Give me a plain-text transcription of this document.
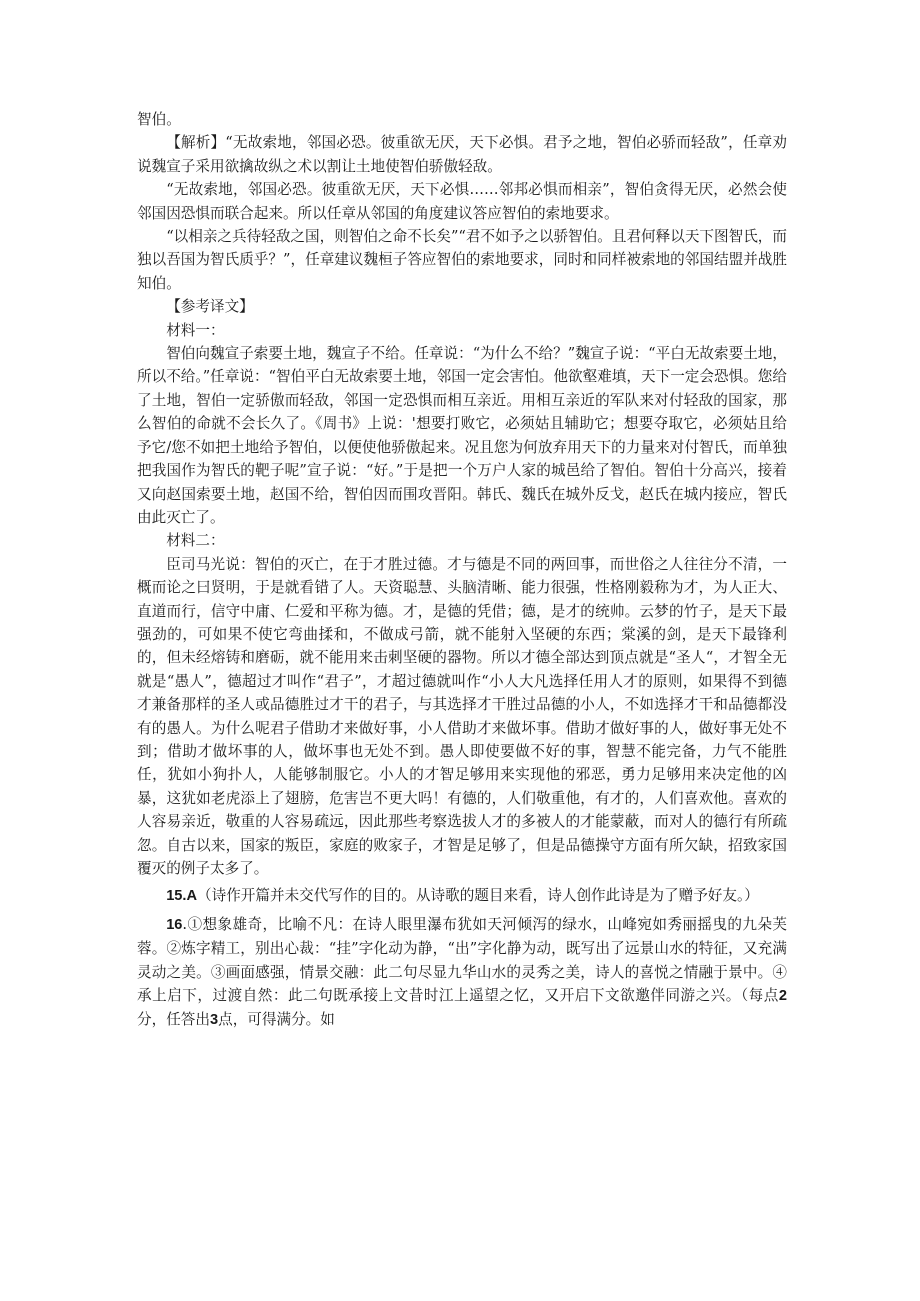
智伯。

【解析】“无故索地，邻国必恐。彼重欲无厌，天下必惧。君予之地，智伯必骄而轻敌”，任章劝说魏宣子采用欲擒故纵之术以割让土地使智伯骄傲轻敌。

“无故索地，邻国必恐。彼重欲无厌，天下必惧……邻邦必惧而相亲”，智伯贪得无厌，必然会使邻国因恐惧而联合起来。所以任章从邻国的角度建议答应智伯的索地要求。

“以相亲之兵待轻敌之国，则智伯之命不长矣”“君不如予之以骄智伯。且君何释以天下图智氏，而独以吾国为智氏质乎？”，任章建议魏桓子答应智伯的索地要求，同时和同样被索地的邻国结盟并战胜知伯。

【参考译文】

材料一：

智伯向魏宣子索要土地，魏宣子不给。任章说：“为什么不给？”魏宣子说：“平白无故索要土地，所以不给。”任章说：“智伯平白无故索要土地，邻国一定会害怕。他欲壑难填，天下一定会恐惧。您给了土地，智伯一定骄傲而轻敌，邻国一定恐惧而相互亲近。用相互亲近的军队来对付轻敌的国家，那么智伯的命就不会长久了。《周书》上说：'想要打败它，必须姑且辅助它；想要夺取它，必须姑且给予它/您不如把土地给予智伯，以便使他骄傲起来。况且您为何放弃用天下的力量来对付智氏，而单独把我国作为智氏的靶子呢”宣子说：“好。”于是把一个万户人家的城邑给了智伯。智伯十分高兴，接着又向赵国索要土地，赵国不给，智伯因而围攻晋阳。韩氏、魏氏在城外反戈，赵氏在城内接应，智氏由此灭亡了。

材料二：

臣司马光说：智伯的灭亡，在于才胜过德。才与德是不同的两回事，而世俗之人往往分不清，一概而论之曰贤明，于是就看错了人。天资聪慧、头脑清晰、能力很强，性格刚毅称为才，为人正大、直道而行，信守中庸、仁爱和平称为德。才，是德的凭借；德，是才的统帅。云梦的竹子，是天下最强劲的，可如果不使它弯曲揉和，不做成弓箭，就不能射入坚硬的东西；棠溪的剑，是天下最锋利的，但未经熔铸和磨砺，就不能用来击刺坚硬的器物。所以才德全部达到顶点就是“圣人“，才智全无就是“愚人”，德超过才叫作“君子”，才超过德就叫作“小人大凡选择任用人才的原则，如果得不到德才兼备那样的圣人或品德胜过才干的君子，与其选择才干胜过品德的小人，不如选择才干和品德都没有的愚人。为什么呢君子借助才来做好事，小人借助才来做坏事。借助才做好事的人，做好事无处不到；借助才做坏事的人，做坏事也无处不到。愚人即使要做不好的事，智慧不能完备，力气不能胜任，犹如小狗扑人，人能够制服它。小人的才智足够用来实现他的邪恶，勇力足够用来决定他的凶暴，这犹如老虎添上了翅膀，危害岂不更大吗！有德的，人们敬重他，有才的，人们喜欢他。喜欢的人容易亲近，敬重的人容易疏远，因此那些考察选拔人才的多被人的才能蒙蔽，而对人的德行有所疏忽。自古以来，国家的叛臣，家庭的败家子，才智是足够了，但是品德操守方面有所欠缺，招致家国覆灭的例子太多了。

15.A（诗作开篇并未交代写作的目的。从诗歌的题目来看，诗人创作此诗是为了赠予好友。）

16.①想象雄奇，比喻不凡：在诗人眼里瀑布犹如天河倾泻的绿水，山峰宛如秀丽摇曳的九朵芙蓉。②炼字精工，别出心裁：“挂”字化动为静，“出”字化静为动，既写出了远景山水的特征，又充满灵动之美。③画面感强，情景交融：此二句尽显九华山水的灵秀之美，诗人的喜悦之情融于景中。④承上启下，过渡自然：此二句既承接上文昔时江上遥望之忆，又开启下文欲邀伴同游之兴。（每点2分，任答出3点，可得满分。如
